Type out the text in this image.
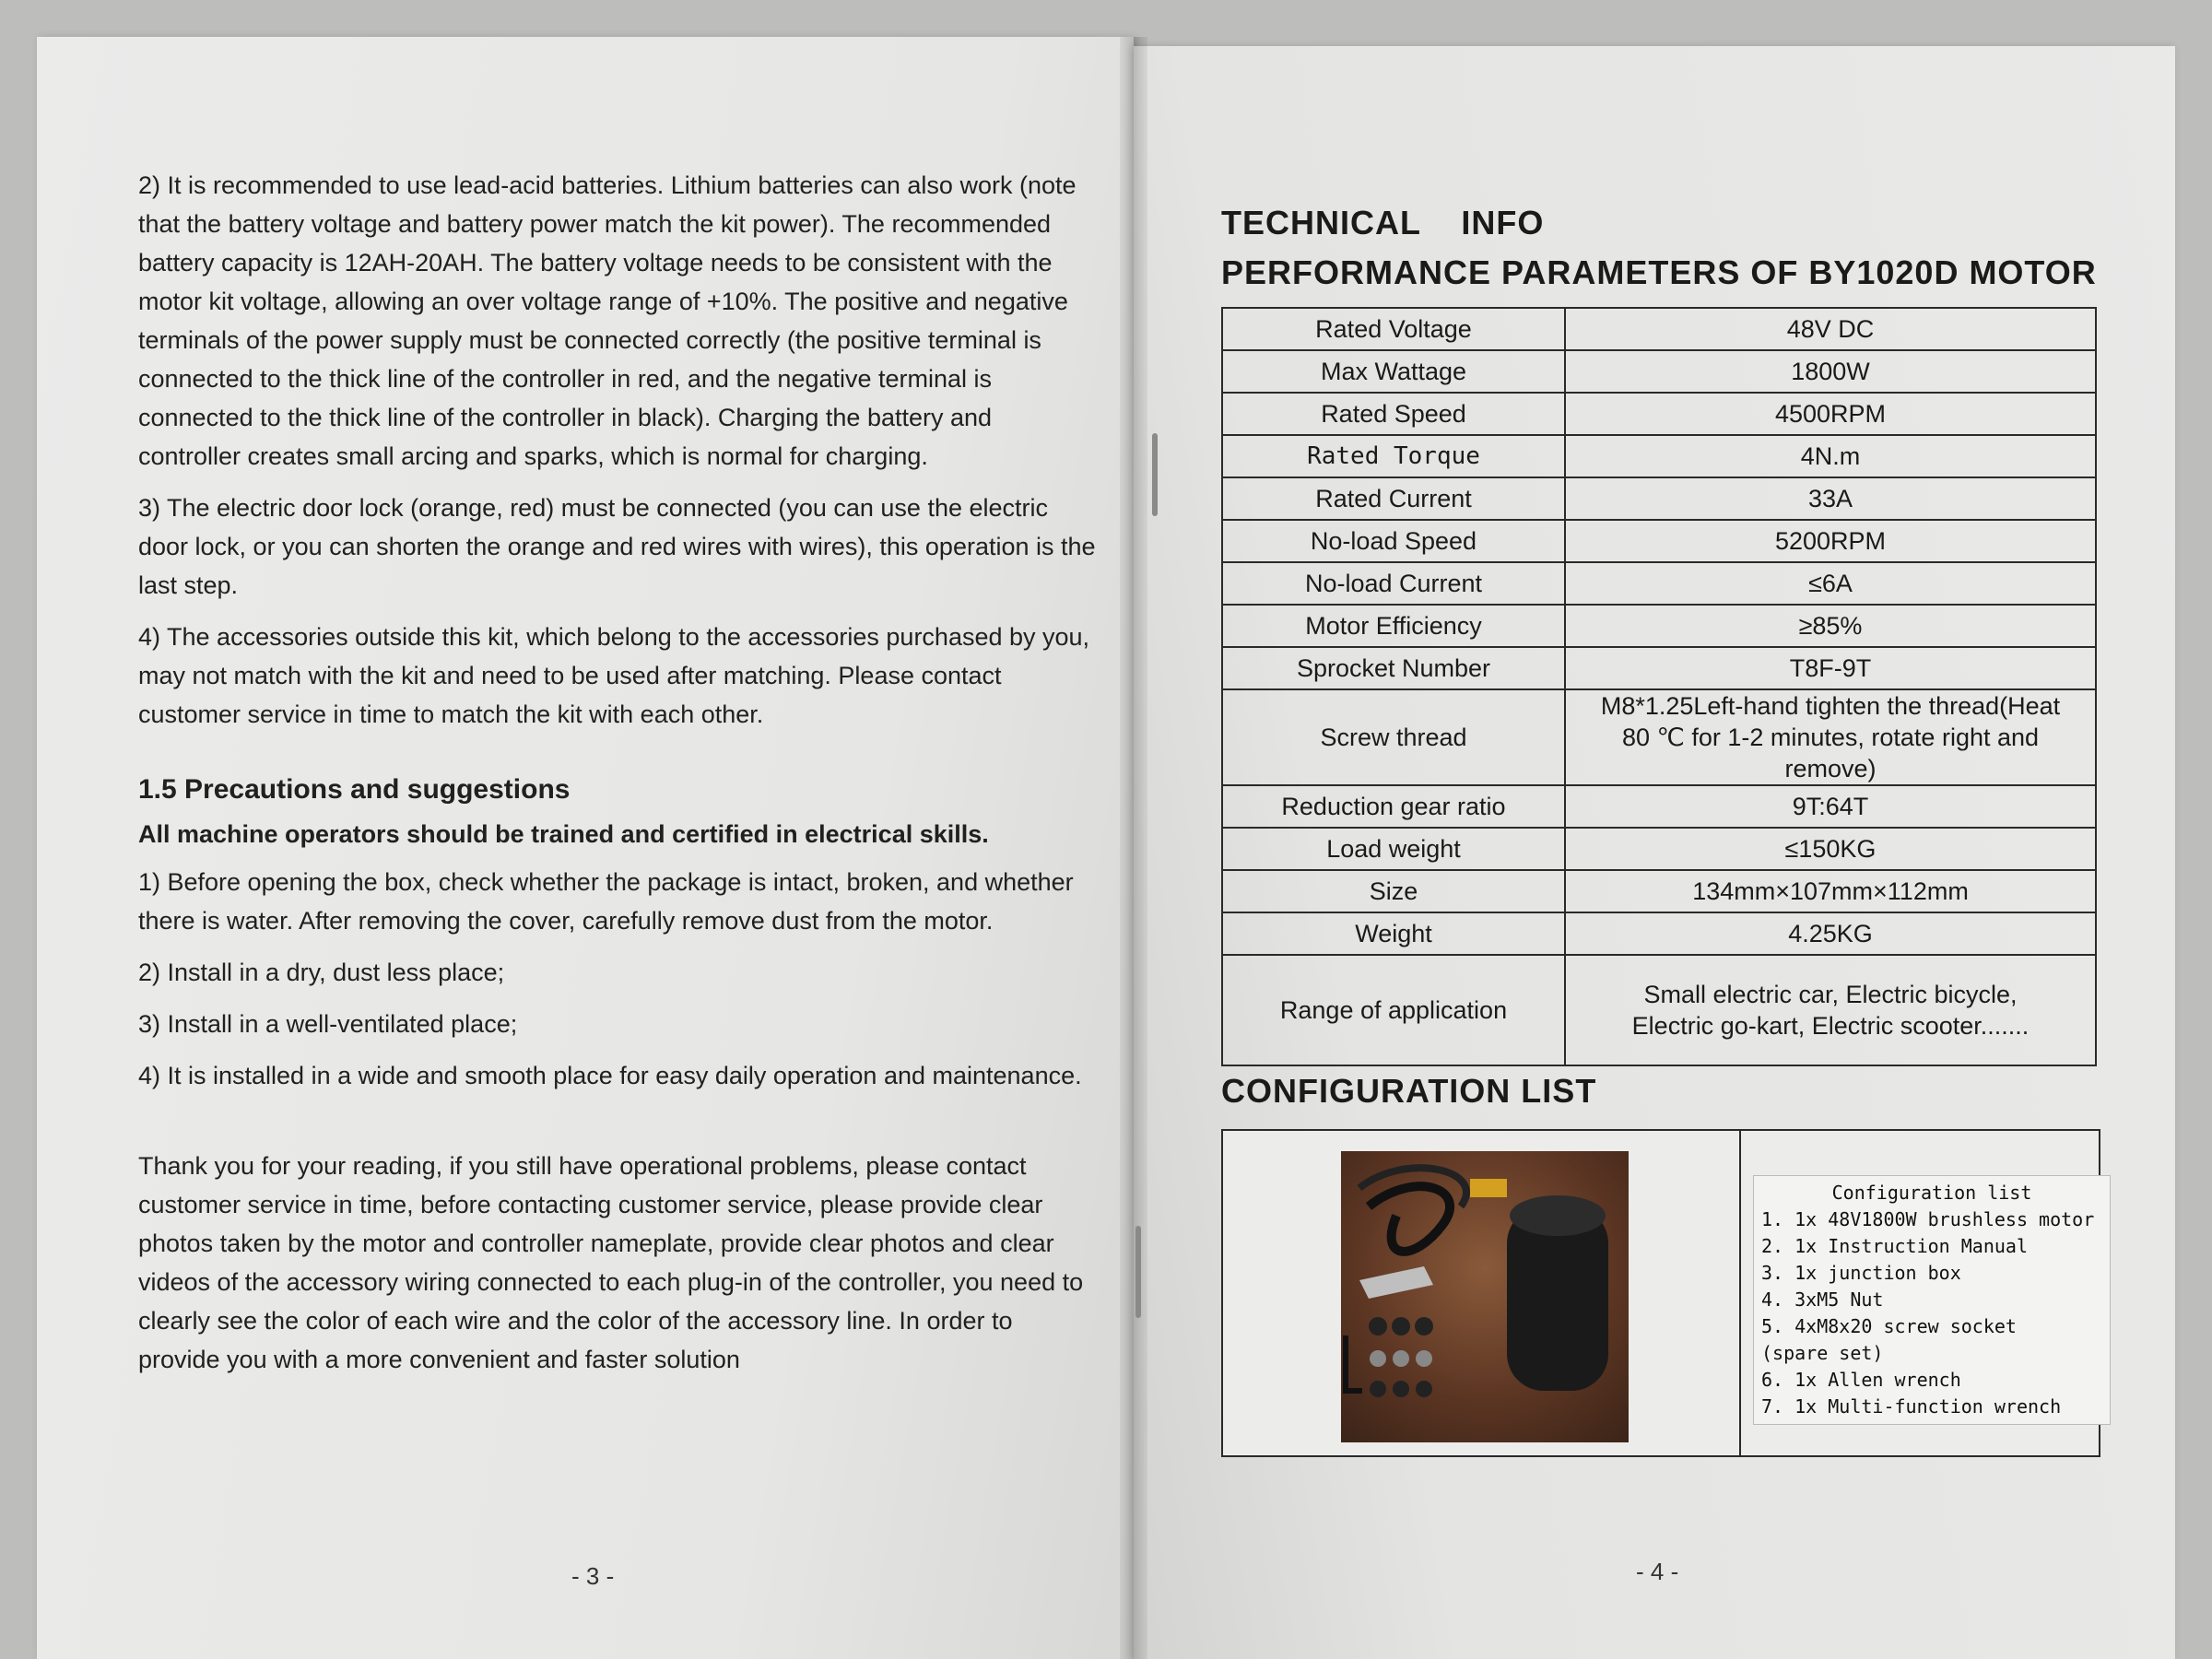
2) It is recommended to use lead-acid batteries. Lithium batteries can also work (note that the battery voltage and battery power match the kit power). The recommended battery capacity is 12AH-20AH. The battery voltage needs to be consistent with the motor kit voltage, allowing an over voltage range of +10%. The positive and negative terminals of the power supply must be connected correctly (the positive terminal is connected to the thick line of the controller in red, and the negative terminal is connected to the thick line of the controller in black). Charging the battery and controller creates small arcing and sparks, which is normal for charging.

3) The electric door lock (orange, red) must be connected (you can use the electric door lock, or you can shorten the orange and red wires with wires), this operation is the last step.

4) The accessories outside this kit, which belong to the accessories purchased by you, may not match with the kit and need to be used after matching. Please contact customer service in time to match the kit with each other.

1.5 Precautions and suggestions

All machine operators should be trained and certified in electrical skills.

1) Before opening the box, check whether the package is intact, broken, and whether there is water. After removing the cover, carefully remove dust from the motor.

2) Install in a dry, dust less place;

3) Install in a well-ventilated place;

4) It is installed in a wide and smooth place for easy daily operation and maintenance.

Thank you for your reading, if you still have operational problems, please contact customer service in time, before contacting customer service, please provide clear photos taken by the motor and controller nameplate, provide clear photos and clear videos of the accessory wiring connected to each plug-in of the controller, you need to clearly see the color of each wire and the color of the accessory line. In order to provide you with a more convenient and faster solution

- 3 -
TECHNICAL    INFO
PERFORMANCE PARAMETERS OF BY1020D MOTOR
Rated Voltage	48V DC
Max Wattage	1800W
Rated Speed	4500RPM
Rated Torque	4N.m
Rated Current	33A
No-load Speed	5200RPM
No-load Current	≤6A
Motor Efficiency	≥85%
Sprocket Number	T8F-9T
Screw thread	M8*1.25Left-hand tighten the thread(Heat
80 ℃ for 1-2 minutes, rotate right and remove)

Reduction gear ratio	9T:64T
Load weight	≤150KG
Size	134mm×107mm×112mm
Weight	4.25KG
Range of application	Small electric car, Electric bicycle,
Electric go-kart, Electric scooter.......
CONFIGURATION LIST
Configuration list
1. 1x 48V1800W brushless motor
2. 1x Instruction Manual
3. 1x junction box
4. 3xM5 Nut
5. 4xM8x20 screw socket
(spare set)
6. 1x Allen wrench
7. 1x Multi-function wrench
- 4 -
